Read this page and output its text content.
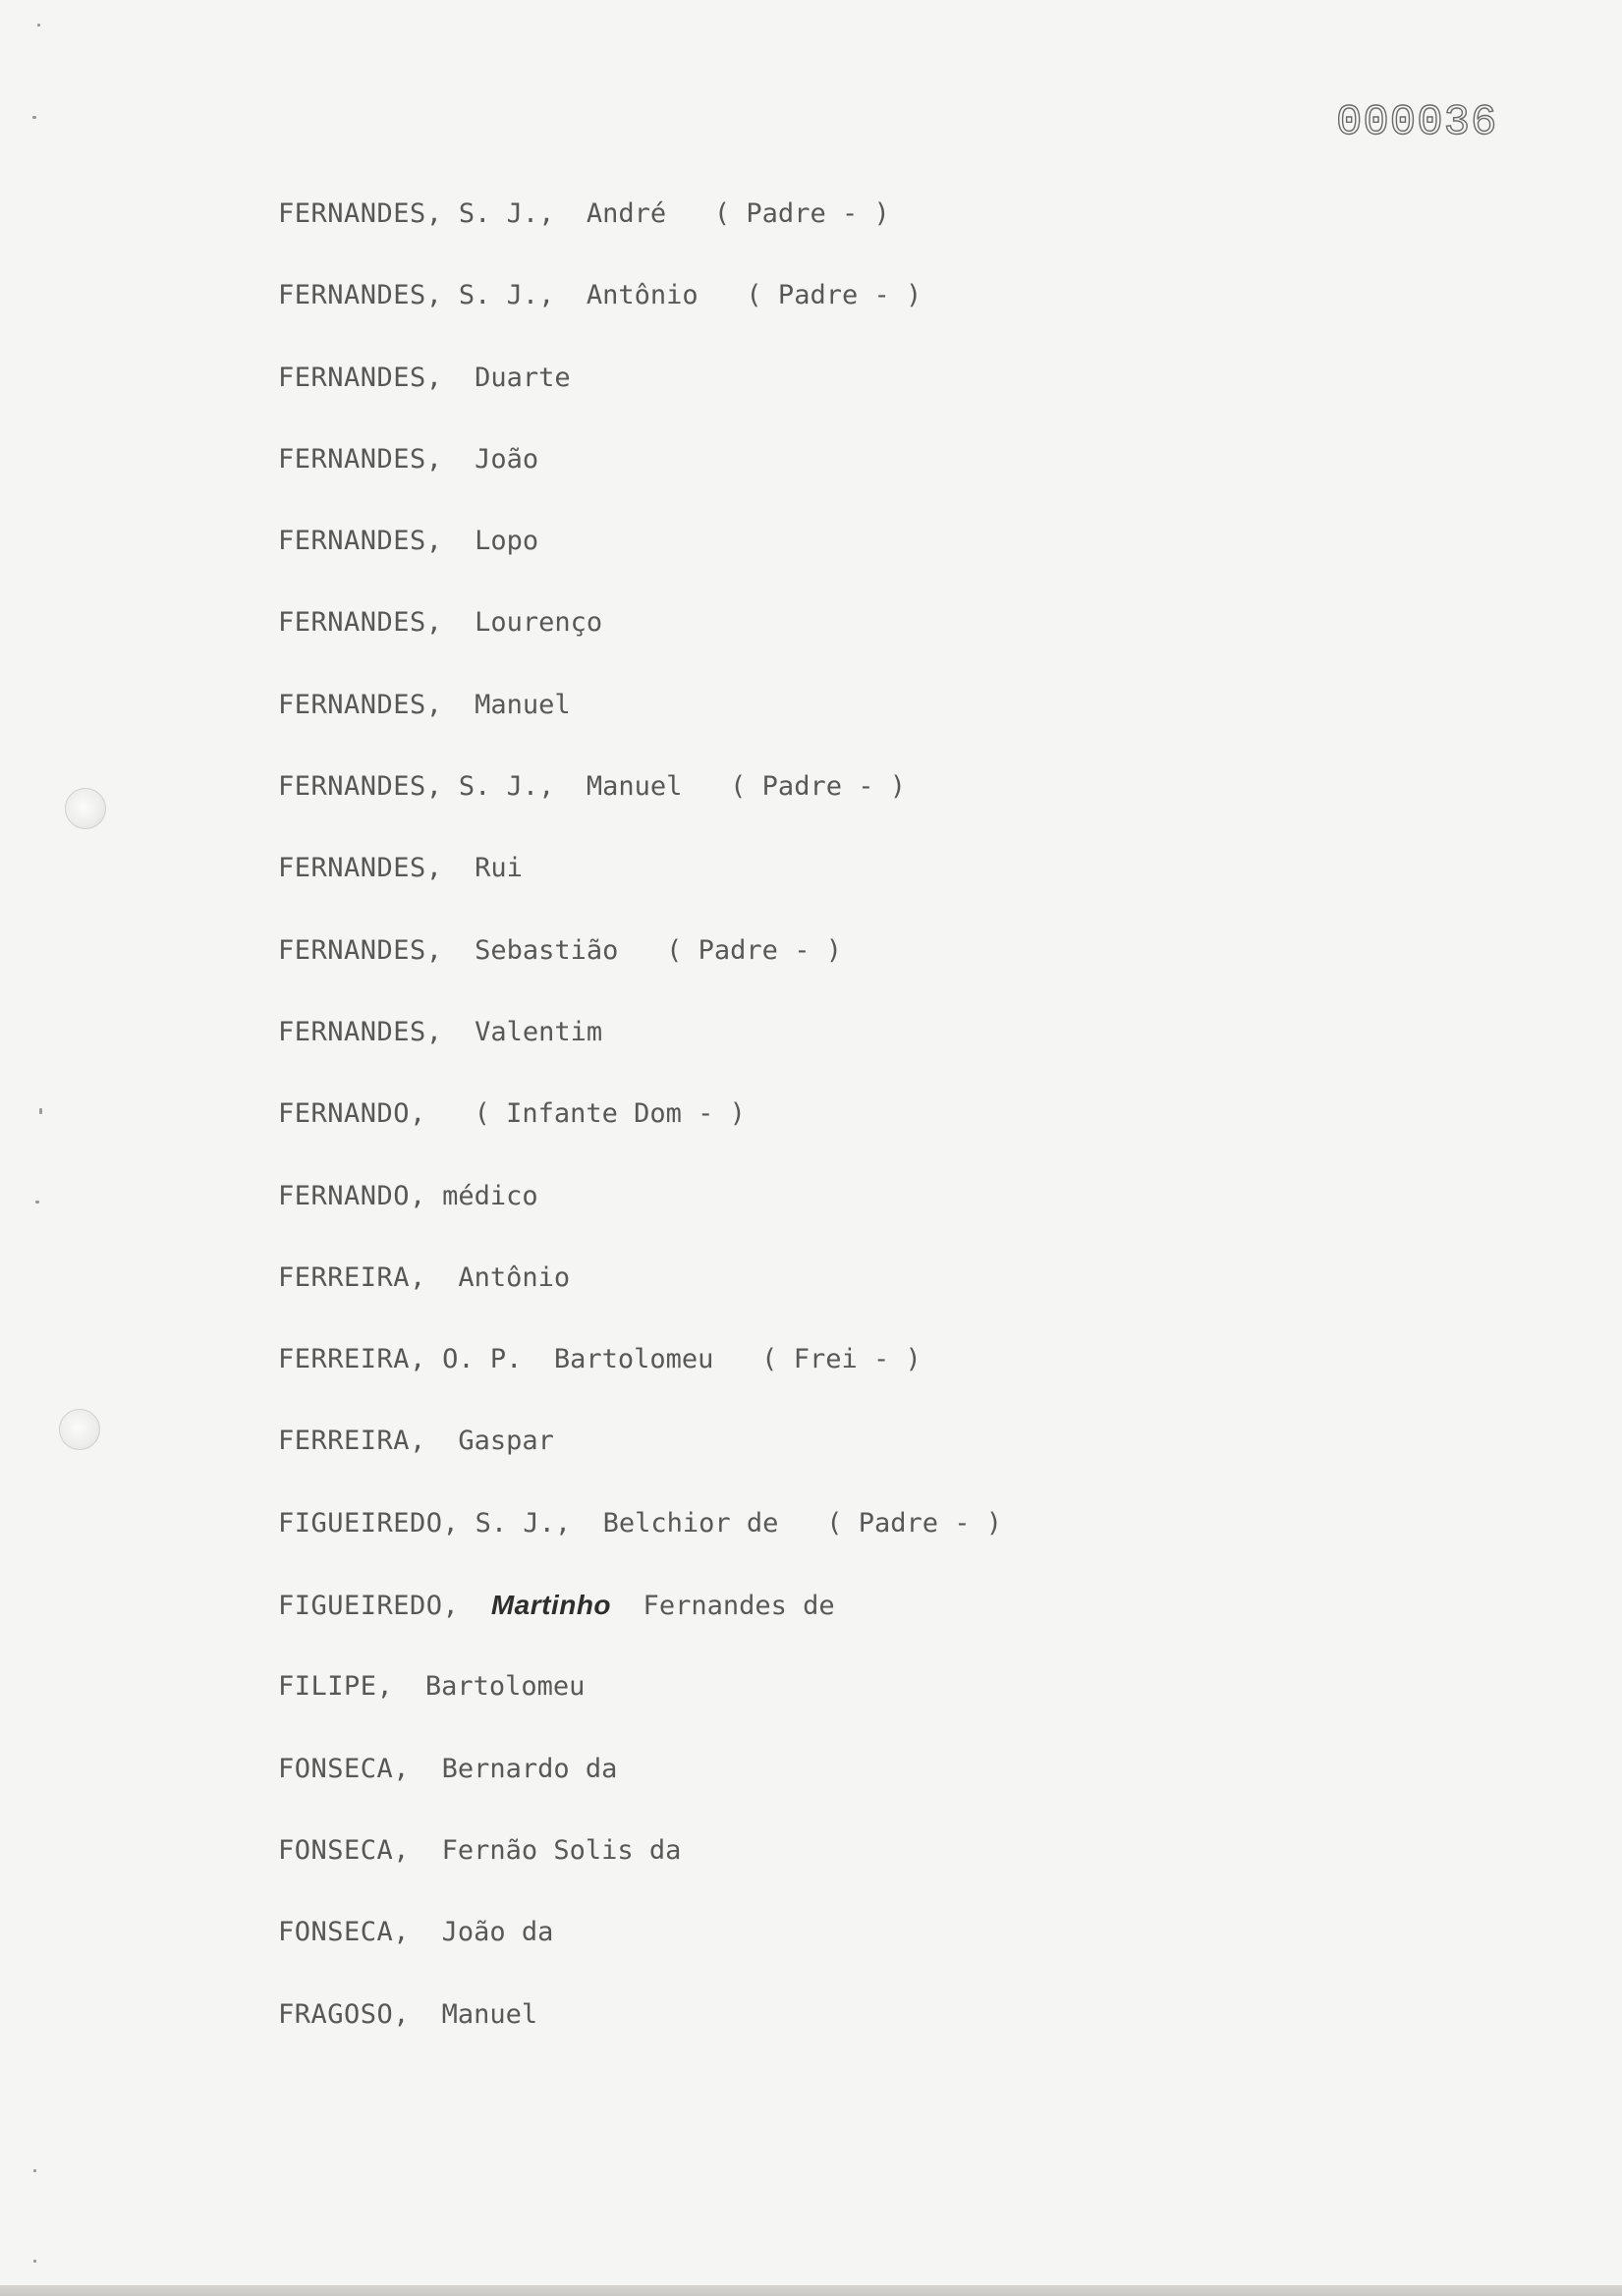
000036
FERNANDES, S. J.,  André   ( Padre - )
FERNANDES, S. J.,  Antônio   ( Padre - )
FERNANDES,  Duarte
FERNANDES,  João
FERNANDES,  Lopo
FERNANDES,  Lourenço
FERNANDES,  Manuel
FERNANDES, S. J.,  Manuel   ( Padre - )
FERNANDES,  Rui
FERNANDES,  Sebastião   ( Padre - )
FERNANDES,  Valentim
FERNANDO,   ( Infante Dom - )
FERNANDO, médico
FERREIRA,  Antônio
FERREIRA, O. P.  Bartolomeu   ( Frei - )
FERREIRA,  Gaspar
FIGUEIREDO, S. J.,  Belchior de   ( Padre - )
FIGUEIREDO, Martinho  Fernandes de
FILIPE,  Bartolomeu
FONSECA,  Bernardo da
FONSECA,  Fernão Solis da
FONSECA,  João da
FRAGOSO,  Manuel
